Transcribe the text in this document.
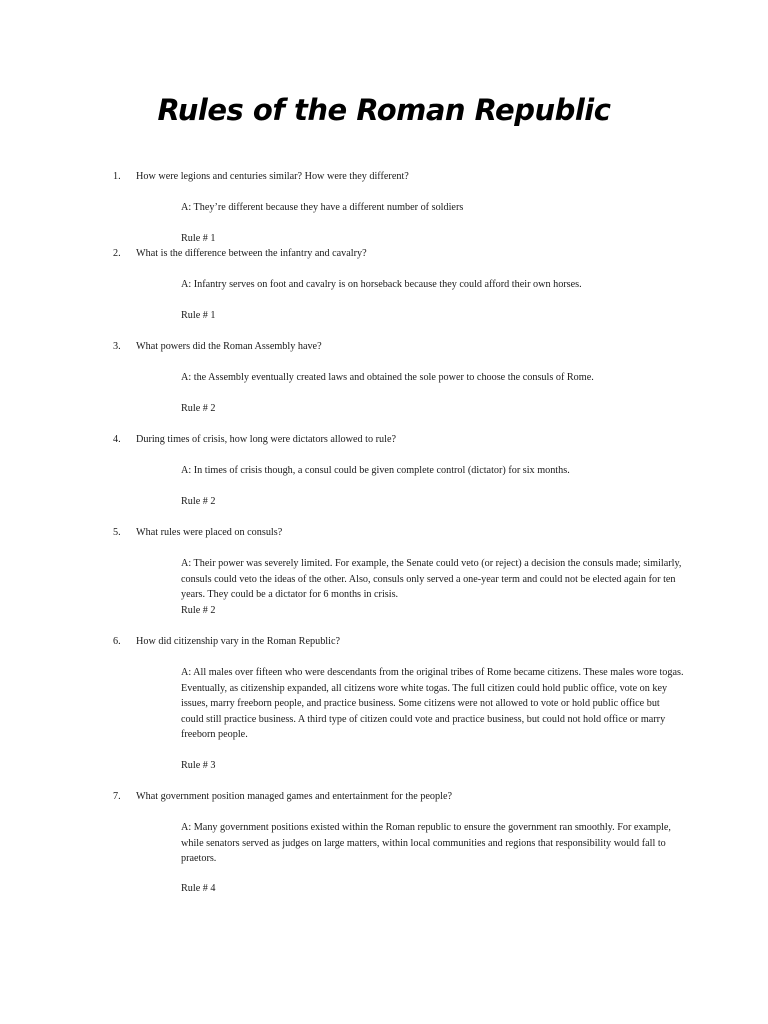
Rules of the Roman Republic
1. How were legions and centuries similar? How were they different?
A: They’re different because they have a different number of soldiers
Rule # 1
2. What is the difference between the infantry and cavalry?
A: Infantry serves on foot and cavalry is on horseback because they could afford their own horses.
Rule # 1
3. What powers did the Roman Assembly have?
A: the Assembly eventually created laws and obtained the sole power to choose the consuls of Rome.
Rule # 2
4. During times of crisis, how long were dictators allowed to rule?
A: In times of crisis though, a consul could be given complete control (dictator) for six months.
Rule # 2
5. What rules were placed on consuls?
A: Their power was severely limited. For example, the Senate could veto (or reject) a decision the consuls made; similarly, consuls could veto the ideas of the other. Also, consuls only served a one-year term and could not be elected again for ten years. They could be a dictator for 6 months in crisis.
Rule # 2
6. How did citizenship vary in the Roman Republic?
A: All males over fifteen who were descendants from the original tribes of Rome became citizens. These males wore togas. Eventually, as citizenship expanded, all citizens wore white togas. The full citizen could hold public office, vote on key issues, marry freeborn people, and practice business. Some citizens were not allowed to vote or hold public office but could still practice business. A third type of citizen could vote and practice business, but could not hold office or marry freeborn people.
Rule # 3
7. What government position managed games and entertainment for the people?
A: Many government positions existed within the Roman republic to ensure the government ran smoothly. For example, while senators served as judges on large matters, within local communities and regions that responsibility would fall to praetors.
Rule # 4
